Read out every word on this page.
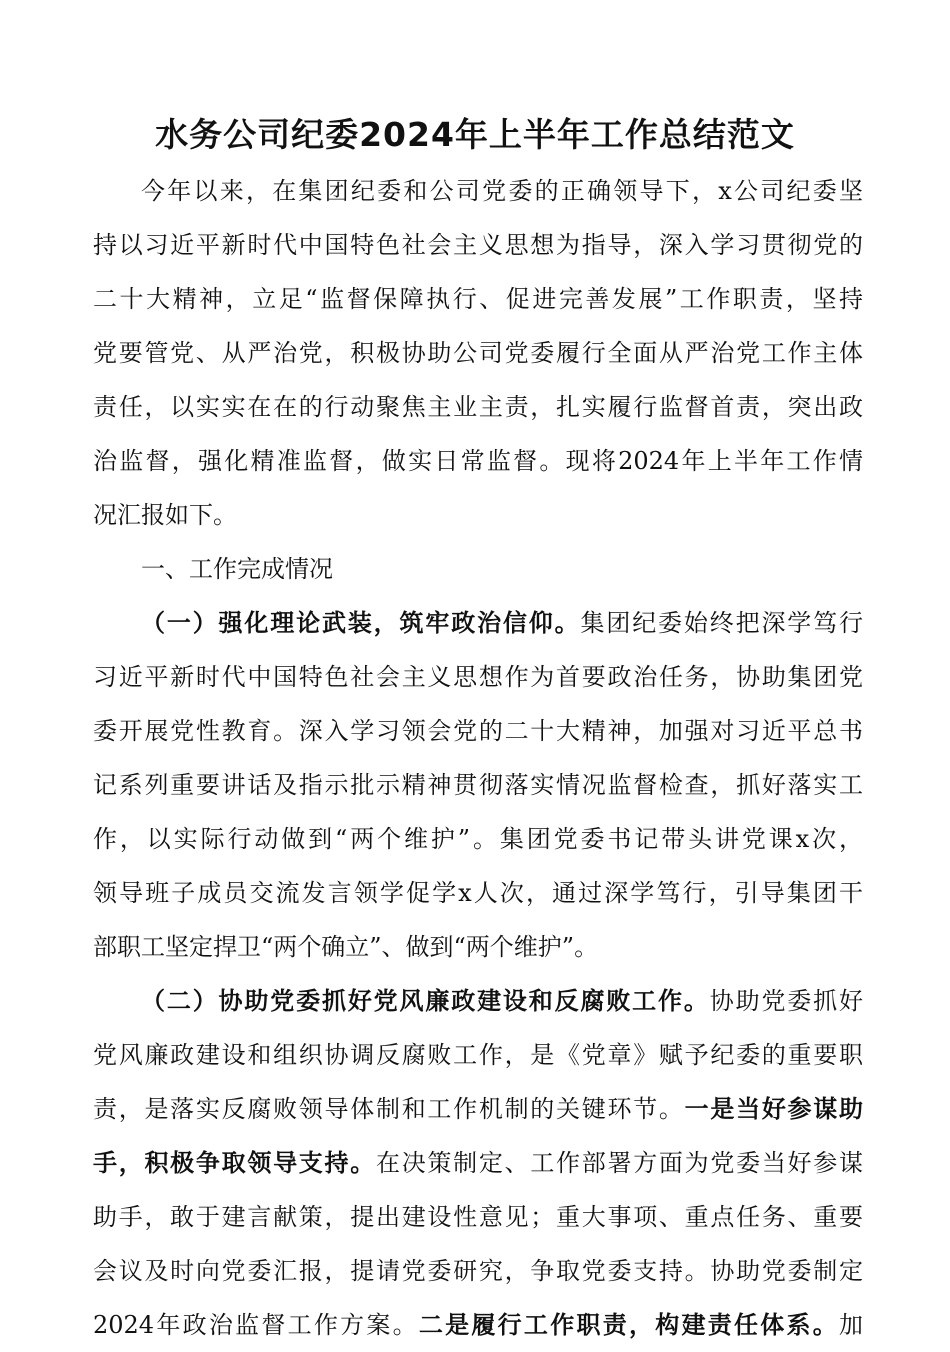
水务公司纪委2024年上半年工作总结范文
今年以来，在集团纪委和公司党委的正确领导下，x公司纪委坚
持以习近平新时代中国特色社会主义思想为指导，深入学习贯彻党的
二十大精神，立足“监督保障执行、促进完善发展”工作职责，坚持
党要管党、从严治党，积极协助公司党委履行全面从严治党工作主体
责任，以实实在在的行动聚焦主业主责，扎实履行监督首责，突出政
治监督，强化精准监督，做实日常监督。现将2024年上半年工作情
况汇报如下。
一、工作完成情况
（一）强化理论武装，筑牢政治信仰。集团纪委始终把深学笃行
习近平新时代中国特色社会主义思想作为首要政治任务，协助集团党
委开展党性教育。深入学习领会党的二十大精神，加强对习近平总书
记系列重要讲话及指示批示精神贯彻落实情况监督检查，抓好落实工
作，以实际行动做到“两个维护”。集团党委书记带头讲党课x次，
领导班子成员交流发言领学促学x人次，通过深学笃行，引导集团干
部职工坚定捍卫“两个确立”、做到“两个维护”。
（二）协助党委抓好党风廉政建设和反腐败工作。协助党委抓好
党风廉政建设和组织协调反腐败工作，是《党章》赋予纪委的重要职
责，是落实反腐败领导体制和工作机制的关键环节。一是当好参谋助
手，积极争取领导支持。在决策制定、工作部署方面为党委当好参谋
助手，敢于建言献策，提出建设性意见；重大事项、重点任务、重要
会议及时向党委汇报，提请党委研究，争取党委支持。协助党委制定
2024年政治监督工作方案。二是履行工作职责，构建责任体系。加
